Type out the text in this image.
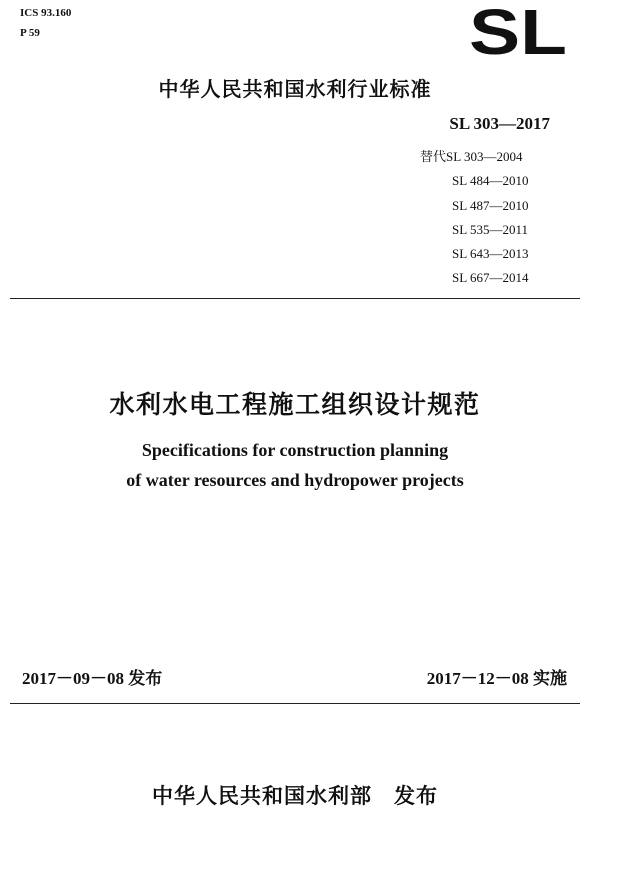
ICS 93.160
P 59	SL
中华人民共和国水利行业标准
SL 303—2017
替代SL 303—2004
SL 484—2010
SL 487—2010
SL 535—2011
SL 643—2013
SL 667—2014
水利水电工程施工组织设计规范
Specifications for construction planning
of water resources and hydropower projects
2017－09－08 发布	2017－12－08 实施
中华人民共和国水利部　发布
